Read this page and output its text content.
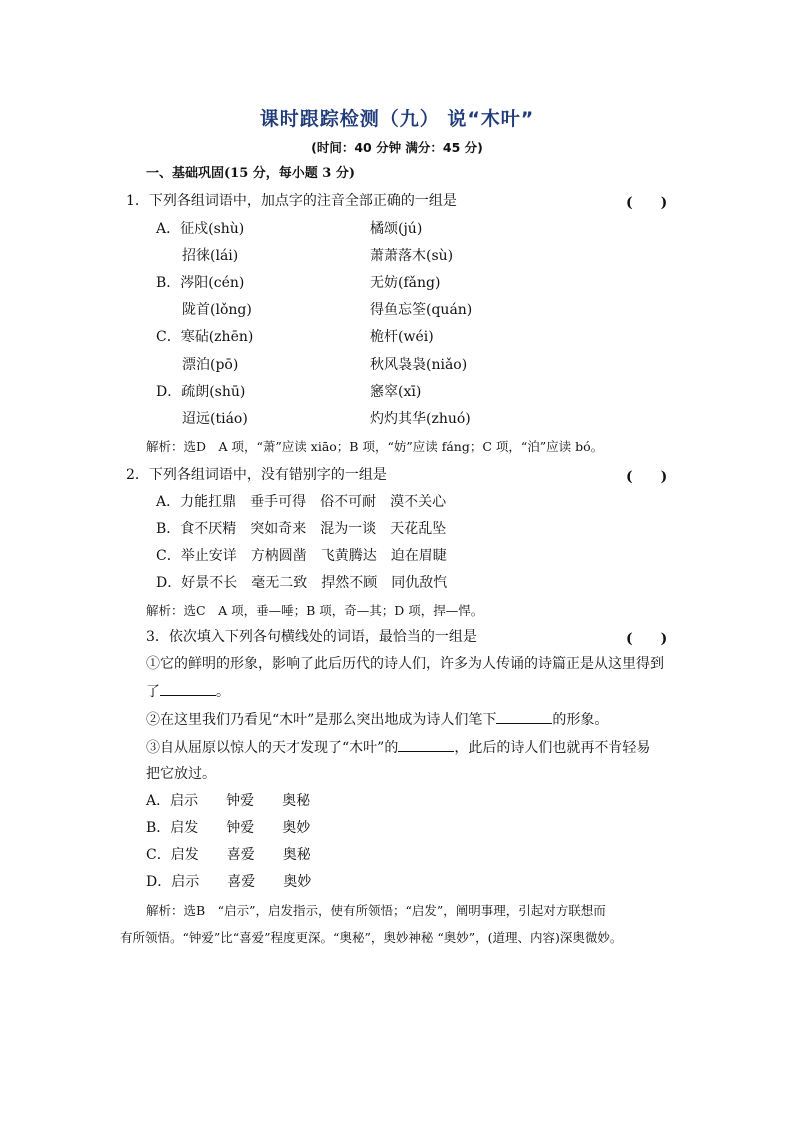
课时跟踪检测（九） 说“木叶”
(时间：40 分钟 满分：45 分)
一、基础巩固(15 分，每小题 3 分)
1．下列各组词语中，加点字的注音全部正确的一组是	(　　)
A．征戍(shù)	橘颂(jú)
招徕(lái)	萧萧落木(sù)
B．涔阳(cén)	无妨(fǎng)
陇首(lǒng)	得鱼忘筌(quán)
C．寒砧(zhēn)	桅杆(wéi)
漂泊(pō)	秋风袅袅(niǎo)
D．疏朗(shū)	窸窣(xī)
迢远(tiáo)	灼灼其华(zhuó)
解析：选D　A 项，“萧”应读 xiāo；B 项，“妨”应读 fáng；C 项，“泊”应读 bó。
2．下列各组词语中，没有错别字的一组是	(　　)
A．力能扛鼎　垂手可得　俗不可耐　漠不关心
B．食不厌精　突如奇来　混为一谈　天花乱坠
C．举止安详　方枘圆凿　飞黄腾达　迫在眉睫
D．好景不长　毫无二致　捍然不顾　同仇敌忾
解析：选C　A 项，垂—唾；B 项，奇—其；D 项，捍—悍。
3．依次填入下列各句横线处的词语，最恰当的一组是	(　　)
①它的鲜明的形象，影响了此后历代的诗人们，许多为人传诵的诗篇正是从这里得到
了	。
②在这里我们乃看见“木叶”是那么突出地成为诗人们笔下	的形象。
③自从屈原以惊人的天才发现了“木叶”的	，此后的诗人们也就再不肯轻易
把它放过。
A．启示　　钟爱　　奥秘
B．启发　　钟爱　　奥妙
C．启发　　喜爱　　奥秘
D．启示　　喜爱　　奥妙
解析：选B　“启示”，启发指示，使有所领悟；“启发”，阐明事理，引起对方联想而
有所领悟。“钟爱”比“喜爱”程度更深。“奥秘”，奥妙神秘 “奥妙”，(道理、内容)深奥微妙。
